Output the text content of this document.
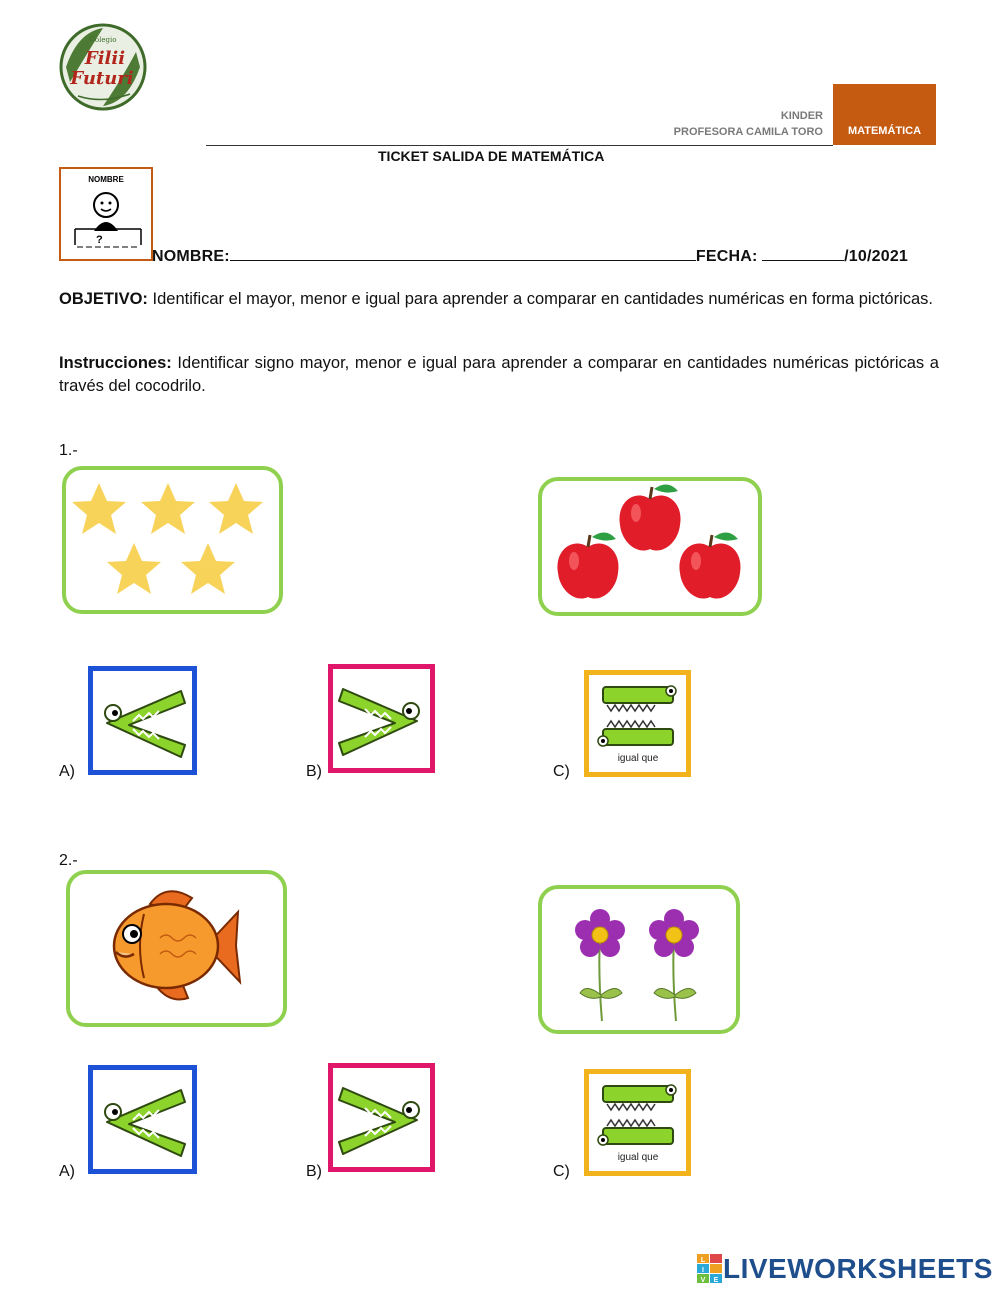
Colegio
Filii
Futuri
KINDER
PROFESORA CAMILA TORO	MATEMÁTICA
TICKET SALIDA DE MATEMÁTICA
NOMBRE
?
NOMBRE:	FECHA:	/10/2021
OBJETIVO: Identificar el mayor, menor e igual para aprender a comparar en cantidades numéricas en forma pictóricas.
Instrucciones: Identificar signo mayor, menor e igual para aprender a comparar en cantidades numéricas pictóricas a través del cocodrilo.
1.-
A)	B)	C)
igual que
2.-
A)	B)	C)
igual que
L
I
V E LIVEWORKSHEETS
